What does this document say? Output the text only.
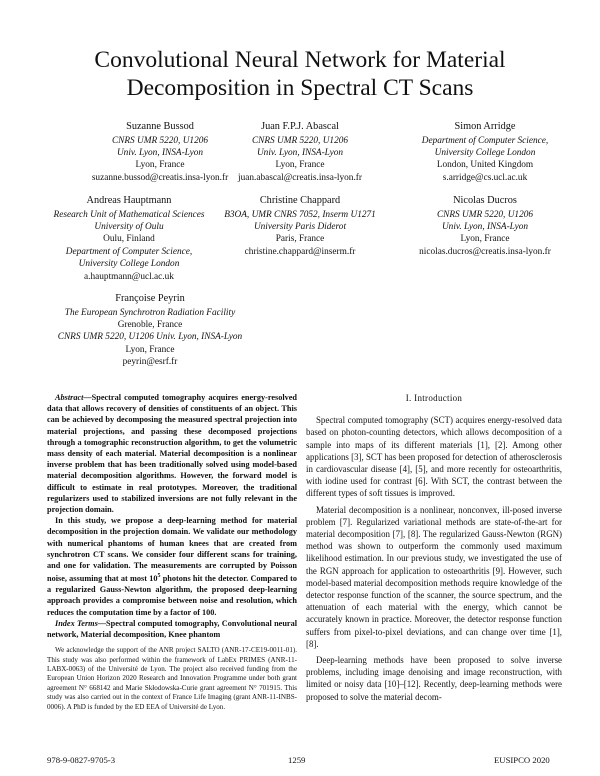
Convolutional Neural Network for Material Decomposition in Spectral CT Scans
Suzanne Bussod
CNRS UMR 5220, U1206
Univ. Lyon, INSA-Lyon
Lyon, France
suzanne.bussod@creatis.insa-lyon.fr
Juan F.P.J. Abascal
CNRS UMR 5220, U1206
Univ. Lyon, INSA-Lyon
Lyon, France
juan.abascal@creatis.insa-lyon.fr
Simon Arridge
Department of Computer Science,
University College London
London, United Kingdom
s.arridge@cs.ucl.ac.uk
Andreas Hauptmann
Research Unit of Mathematical Sciences
University of Oulu
Oulu, Finland
Department of Computer Science,
University College London
a.hauptmann@ucl.ac.uk
Christine Chappard
B3OA, UMR CNRS 7052, Inserm U1271
University Paris Diderot
Paris, France
christine.chappard@inserm.fr
Nicolas Ducros
CNRS UMR 5220, U1206
Univ. Lyon, INSA-Lyon
Lyon, France
nicolas.ducros@creatis.insa-lyon.fr
Françoise Peyrin
The European Synchrotron Radiation Facility
Grenoble, France
CNRS UMR 5220, U1206 Univ. Lyon, INSA-Lyon
Lyon, France
peyrin@esrf.fr

Abstract—Spectral computed tomography acquires energy-resolved data that allows recovery of densities of constituents of an object. This can be achieved by decomposing the measured spectral projection into material projections, and passing these decomposed projections through a tomographic reconstruction algorithm, to get the volumetric mass density of each material. Material decomposition is a nonlinear inverse problem that has been traditionally solved using model-based material decomposition algorithms. However, the forward model is difficult to estimate in real prototypes. Moreover, the traditional regularizers used to stabilized inversions are not fully relevant in the projection domain.

In this study, we propose a deep-learning method for material decomposition in the projection domain. We validate our methodology with numerical phantoms of human knees that are created from synchrotron CT scans. We consider four different scans for training, and one for validation. The measurements are corrupted by Poisson noise, assuming that at most $10^5$ photons hit the detector. Compared to a regularized Gauss-Newton algorithm, the proposed deep-learning approach provides a compromise between noise and resolution, which reduces the computation time by a factor of 100.

Index Terms—Spectral computed tomography, Convolutional neural network, Material decomposition, Knee phantom

We acknowledge the support of the ANR project SALTO (ANR-17-CE19-0011-01). This study was also performed within the framework of LabEx PRIMES (ANR-11-LABX-0063) of the Université de Lyon. The project also received funding from the European Union Horizon 2020 Research and Innovation Programme under both grant agreement N° 668142 and Marie Skłodowska-Curie grant agreement N° 701915. This study was also carried out in the context of France Life Imaging (grant ANR-11-INBS-0006). A PhD is funded by the ED EEA of Université de Lyon.
I. Introduction

Spectral computed tomography (SCT) acquires energy-resolved data based on photon-counting detectors, which allows decomposition of a sample into maps of its different materials [1], [2]. Among other applications [3], SCT has been proposed for detection of atherosclerosis in cardiovascular disease [4], [5], and more recently for osteoarthritis, with iodine used for contrast [6]. With SCT, the contrast between the different types of soft tissues is improved.

Material decomposition is a nonlinear, nonconvex, ill-posed inverse problem [7]. Regularized variational methods are state-of-the-art for material decomposition [7], [8]. The regularized Gauss-Newton (RGN) method was shown to outperform the commonly used maximum likelihood estimation. In our previous study, we investigated the use of the RGN approach for application to osteoarthritis [9]. However, such model-based material decomposition methods require knowledge of the detector response function of the scanner, the source spectrum, and the attenuation of each material with the energy, which cannot be accurately known in practice. Moreover, the detector response function suffers from pixel-to-pixel deviations, and can change over time [1], [8].

Deep-learning methods have been proposed to solve inverse problems, including image denoising and image reconstruction, with limited or noisy data [10]–[12]. Recently, deep-learning methods were proposed to solve the material decom-

978-9-0827-9705-3	1259	EUSIPCO 2020
